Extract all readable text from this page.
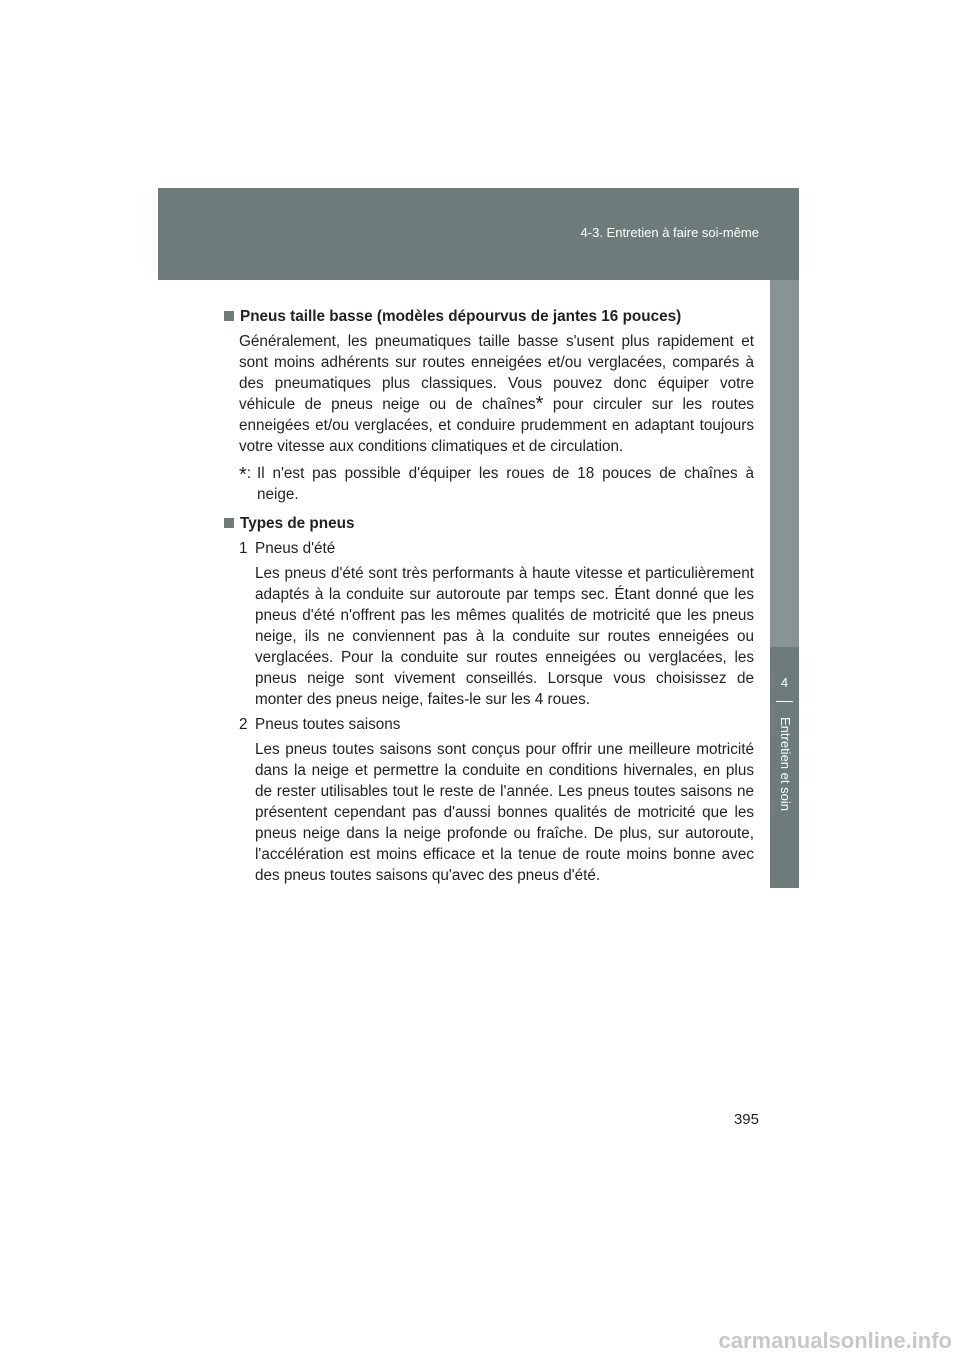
4-3. Entretien à faire soi-même
4
Entretien et soin
Pneus taille basse (modèles dépourvus de jantes 16 pouces)

Généralement, les pneumatiques taille basse s'usent plus rapidement et sont moins adhérents sur routes enneigées et/ou verglacées, comparés à des pneumatiques plus classiques. Vous pouvez donc équiper votre véhicule de pneus neige ou de chaînes* pour circuler sur les routes enneigées et/ou verglacées, et conduire prudemment en adaptant toujours votre vitesse aux conditions climatiques et de circulation.

*: Il n'est pas possible d'équiper les roues de 18 pouces de chaînes à neige.
Types de pneus
1 Pneus d'été
Les pneus d'été sont très performants à haute vitesse et particulièrement adaptés à la conduite sur autoroute par temps sec. Étant donné que les pneus d'été n'offrent pas les mêmes qualités de motricité que les pneus neige, ils ne conviennent pas à la conduite sur routes enneigées ou verglacées. Pour la conduite sur routes enneigées ou verglacées, les pneus neige sont vivement conseillés. Lorsque vous choisissez de monter des pneus neige, faites-le sur les 4 roues.
2 Pneus toutes saisons
Les pneus toutes saisons sont conçus pour offrir une meilleure motricité dans la neige et permettre la conduite en conditions hivernales, en plus de rester utilisables tout le reste de l'année. Les pneus toutes saisons ne présentent cependant pas d'aussi bonnes qualités de motricité que les pneus neige dans la neige profonde ou fraîche. De plus, sur autoroute, l'accélération est moins efficace et la tenue de route moins bonne avec des pneus toutes saisons qu'avec des pneus d'été.
395
carmanualsonline.info
